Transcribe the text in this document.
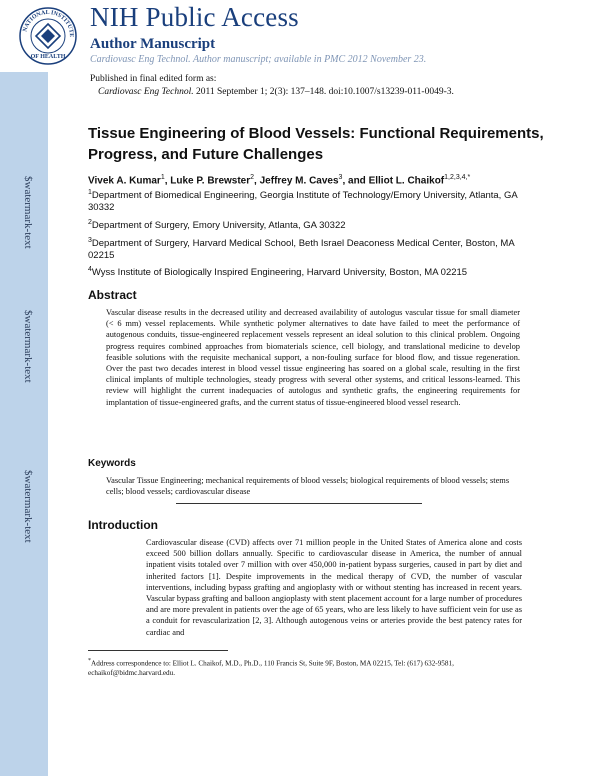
$watermark-text
$watermark-text
$watermark-text
NATIONAL INSTITUTE
OF HEALTH
NIH Public Access
Author Manuscript
Cardiovasc Eng Technol. Author manuscript; available in PMC 2012 November 23.
Published in final edited form as:
Cardiovasc Eng Technol. 2011 September 1; 2(3): 137–148. doi:10.1007/s13239-011-0049-3.
Tissue Engineering of Blood Vessels: Functional Requirements, Progress, and Future Challenges
Vivek A. Kumar$^1$, Luke P. Brewster$^2$, Jeffrey M. Caves$^3$, and Elliot L. Chaikof$^{1,2,3,4,*}$
$^1$Department of Biomedical Engineering, Georgia Institute of Technology/Emory University, Atlanta, GA 30332
$^2$Department of Surgery, Emory University, Atlanta, GA 30322
$^3$Department of Surgery, Harvard Medical School, Beth Israel Deaconess Medical Center, Boston, MA 02215
$^4$Wyss Institute of Biologically Inspired Engineering, Harvard University, Boston, MA 02215
Abstract
Vascular disease results in the decreased utility and decreased availability of autologus vascular tissue for small diameter (< 6 mm) vessel replacements. While synthetic polymer alternatives to date have failed to meet the performance of autogenous conduits, tissue-engineered replacement vessels represent an ideal solution to this clinical problem. Ongoing progress requires combined approaches from biomaterials science, cell biology, and translational medicine to develop feasible solutions with the requisite mechanical support, a non-fouling surface for blood flow, and tissue regeneration. Over the past two decades interest in blood vessel tissue engineering has soared on a global scale, resulting in the first clinical implants of multiple technologies, steady progress with several other systems, and critical lessons-learned. This review will highlight the current inadequacies of autologus and synthetic grafts, the engineering requirements for implantation of tissue-engineered grafts, and the current status of tissue-engineered blood vessel research.
Keywords
Vascular Tissue Engineering; mechanical requirements of blood vessels; biological requirements of blood vessels; stems cells; blood vessels; cardiovascular disease
Introduction
Cardiovascular disease (CVD) affects over 71 million people in the United States of America alone and costs exceed 500 billion dollars annually. Specific to cardiovascular disease in America, the number of annual inpatient visits totaled over 7 million with over 450,000 in-patient bypass surgeries, caused in part by diet and inherited factors [1]. Despite improvements in the medical therapy of CVD, the number of vascular interventions, including bypass grafting and angioplasty with or without stenting has increased in recent years. Vascular bypass grafting and balloon angioplasty with stent placement account for a large number of procedures and are more prevalent in patients over the age of 65 years, who are less likely to have sufficient vein for use as a conduit for revascularization [2, 3]. Although autogenous veins or arteries provide the best patency rates for cardiac and
*Address correspondence to: Elliot L. Chaikof, M.D., Ph.D., 110 Francis St, Suite 9F, Boston, MA 02215, Tel: (617) 632-9581, echaikof@bidmc.harvard.edu.
